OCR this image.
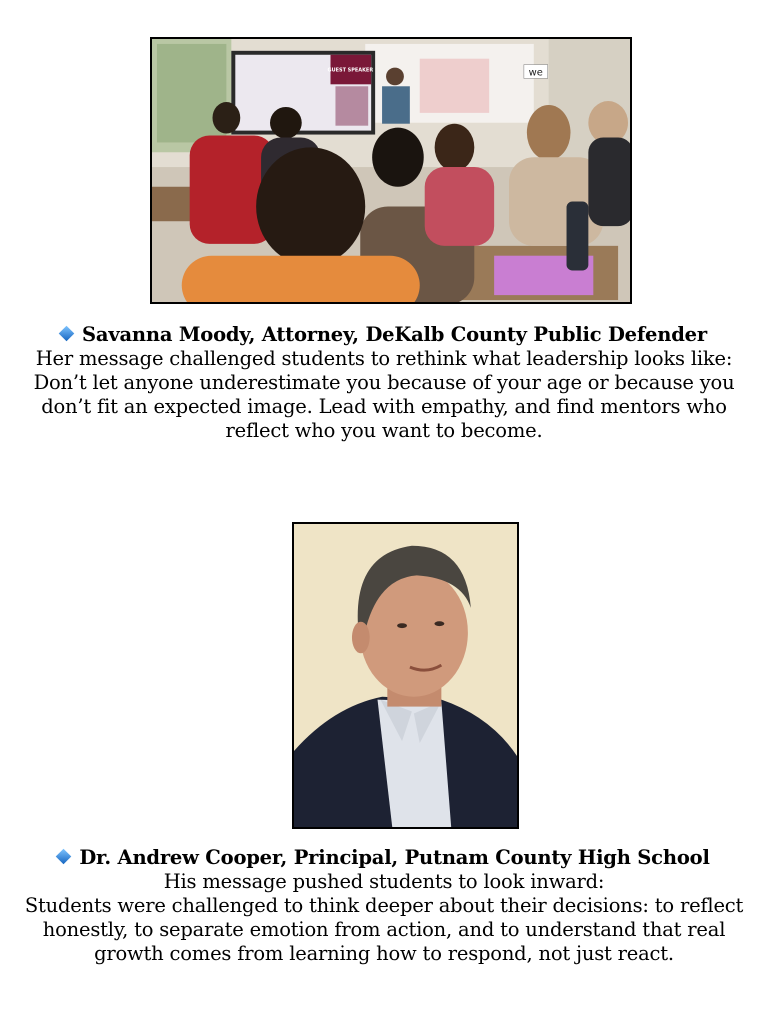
GUEST SPEAKER	we
Savanna Moody, Attorney, DeKalb County Public Defender
Her message challenged students to rethink what leadership looks like:
Don’t let anyone underestimate you because of your age or because you
don’t fit an expected image. Lead with empathy, and find mentors who
reflect who you want to become.
Dr. Andrew Cooper, Principal, Putnam County High School
His message pushed students to look inward:
Students were challenged to think deeper about their decisions: to reflect
honestly, to separate emotion from action, and to understand that real
growth comes from learning how to respond, not just react.
